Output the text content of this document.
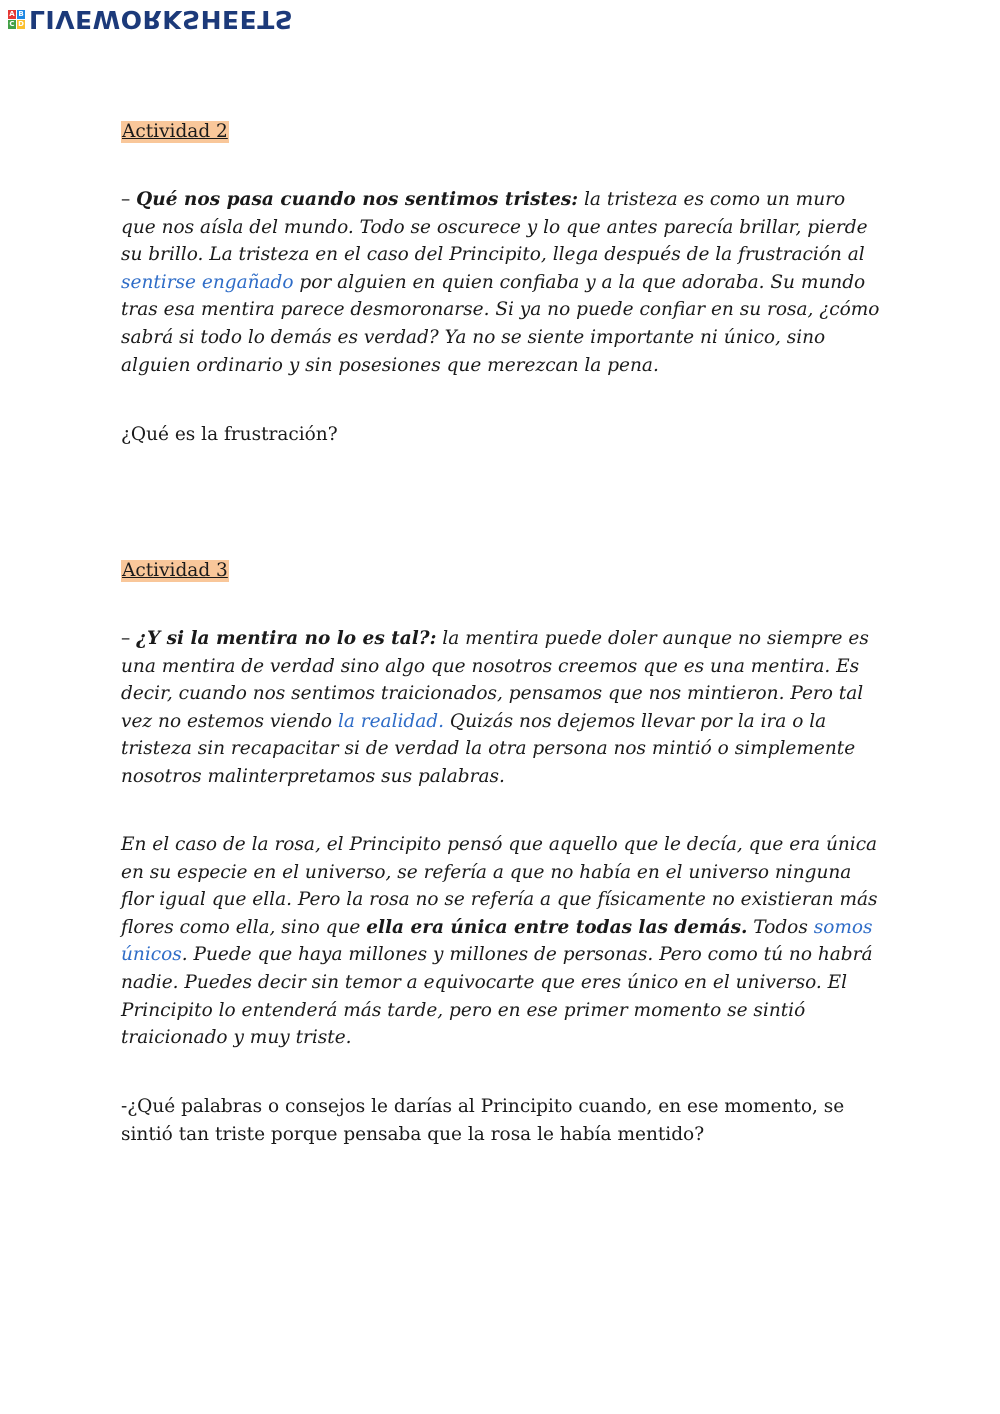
A B
C D LIVEWORKSHEETS
Actividad 2

– Qué nos pasa cuando nos sentimos tristes: la tristeza es como un muro que nos aísla del mundo. Todo se oscurece y lo que antes parecía brillar, pierde su brillo. La tristeza en el caso del Principito, llega después de la frustración al sentirse engañado por alguien en quien confiaba y a la que adoraba. Su mundo tras esa mentira parece desmoronarse. Si ya no puede confiar en su rosa, ¿cómo sabrá si todo lo demás es verdad? Ya no se siente importante ni único, sino alguien ordinario y sin posesiones que merezcan la pena.

¿Qué es la frustración?

Actividad 3

– ¿Y si la mentira no lo es tal?: la mentira puede doler aunque no siempre es una mentira de verdad sino algo que nosotros creemos que es una mentira. Es decir, cuando nos sentimos traicionados, pensamos que nos mintieron. Pero tal vez no estemos viendo la realidad. Quizás nos dejemos llevar por la ira o la tristeza sin recapacitar si de verdad la otra persona nos mintió o simplemente nosotros malinterpretamos sus palabras.

En el caso de la rosa, el Principito pensó que aquello que le decía, que era única en su especie en el universo, se refería a que no había en el universo ninguna flor igual que ella. Pero la rosa no se refería a que físicamente no existieran más flores como ella, sino que ella era única entre todas las demás. Todos somos únicos. Puede que haya millones y millones de personas. Pero como tú no habrá nadie. Puedes decir sin temor a equivocarte que eres único en el universo. El Principito lo entenderá más tarde, pero en ese primer momento se sintió traicionado y muy triste.

-¿Qué palabras o consejos le darías al Principito cuando, en ese momento, se sintió tan triste porque pensaba que la rosa le había mentido?
